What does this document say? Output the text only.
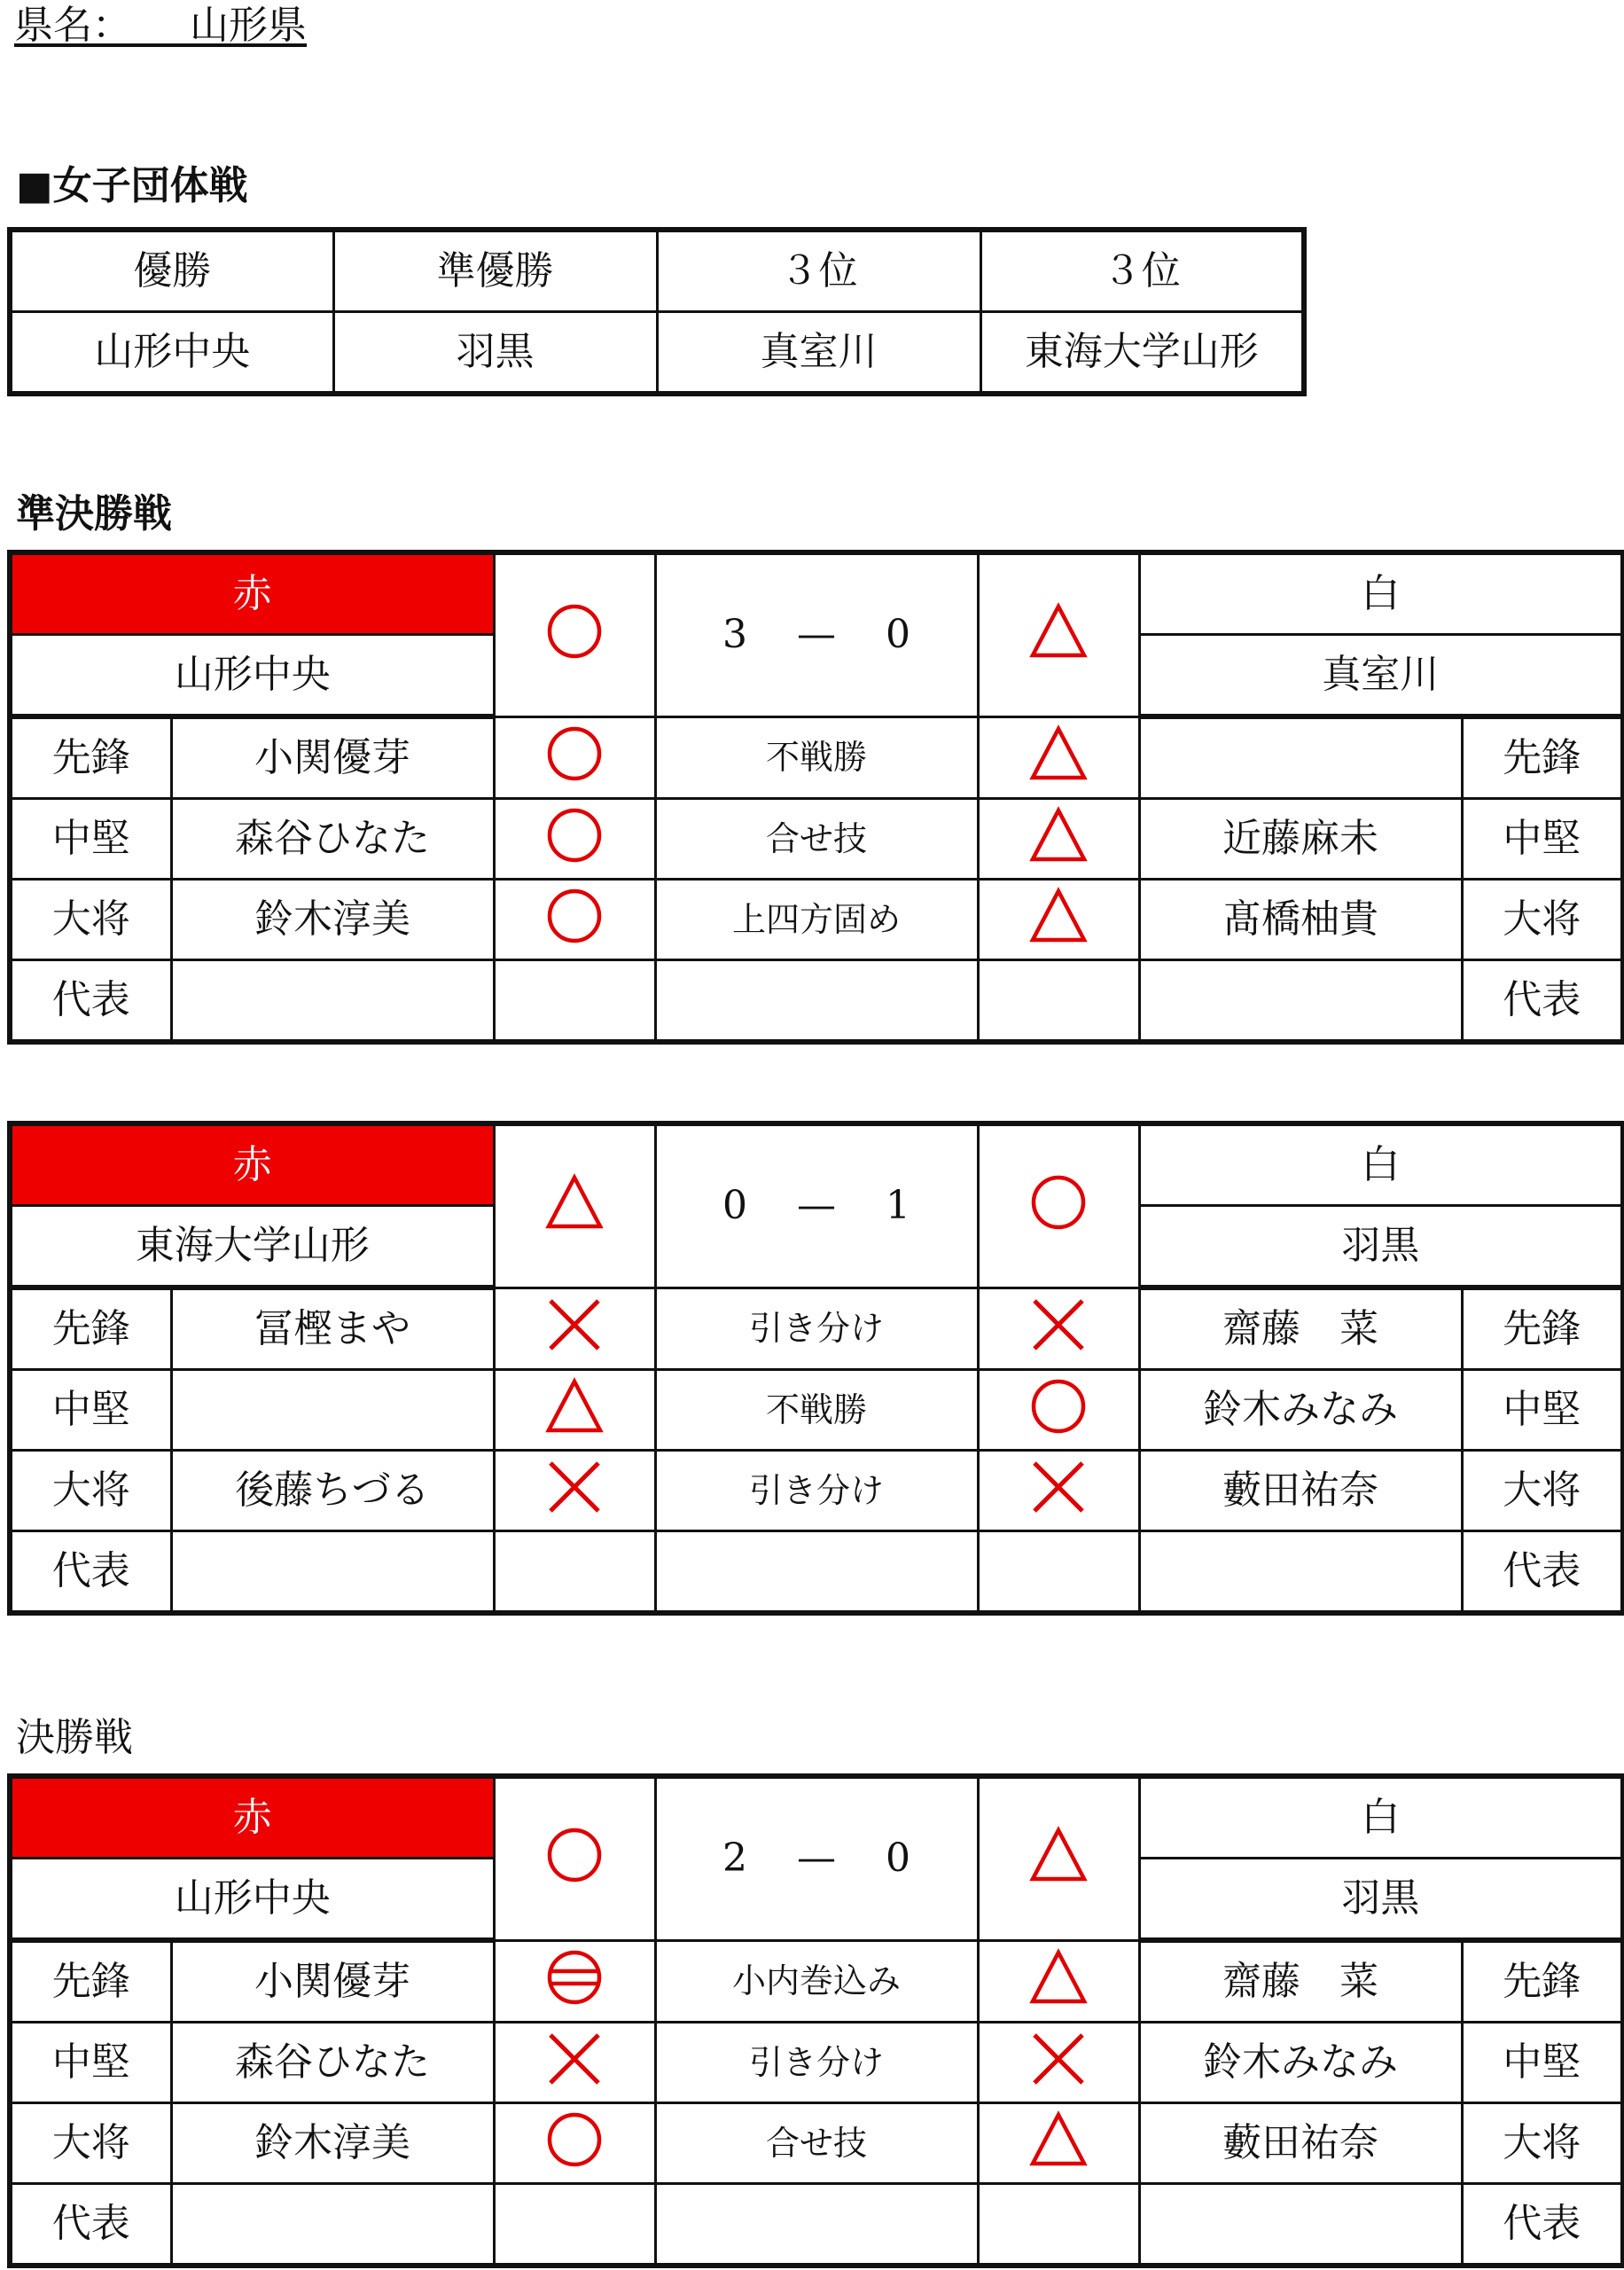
県名：　　 山形県
■女子団体戦
優勝	準優勝	３位	３位
山形中央	羽黒	真室川	東海大学山形
準決勝戦
赤			3 — 0		白	
山形中央					真室川	
先鋒	小関優芽		不戦勝			先鋒
中堅	森谷ひなた		合せ技		近藤麻未	中堅
大将	鈴木淳美		上四方固め		髙橋柚貴	大将
代表						代表
赤			0 — 1		白	
東海大学山形					羽黒	
先鋒	冨樫まや		引き分け		齋藤　菜	先鋒
中堅			不戦勝		鈴木みなみ	中堅
大将	後藤ちづる		引き分け		藪田祐奈	大将
代表						代表
決勝戦
赤			2 — 0		白	
山形中央					羽黒	
先鋒	小関優芽		小内巻込み		齋藤　菜	先鋒
中堅	森谷ひなた		引き分け		鈴木みなみ	中堅
大将	鈴木淳美		合せ技		藪田祐奈	大将
代表						代表
